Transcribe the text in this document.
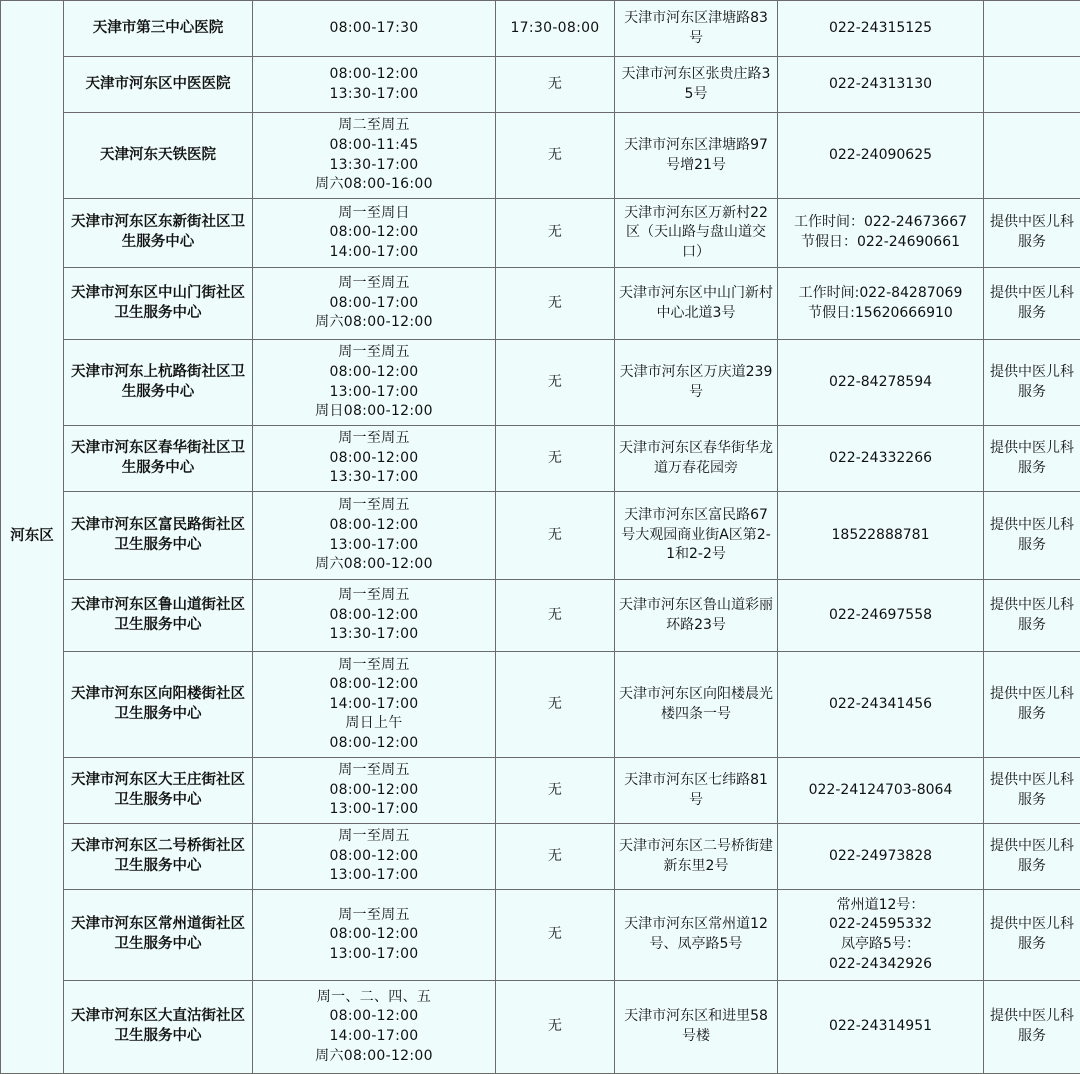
河东区	天津市第三中心医院	08:00-17:30	17:30-08:00	天津市河东区津塘路83号	022-24315125	

	天津市河东区中医医院	08:00-12:00
13:30-17:00	无	天津市河东区张贵庄路35号	022-24313130	

	天津河东天铁医院	周二至周五
08:00-11:45
13:30-17:00
周六08:00-16:00	无	天津市河东区津塘路97号增21号	022-24090625	

	天津市河东区东新街社区卫生服务中心	周一至周日
08:00-12:00
14:00-17:00	无	天津市河东区万新村22区（天山路与盘山道交口）	工作时间：022-24673667
节假日：022-24690661	提供中医儿科服务
	天津市河东区中山门街社区卫生服务中心	周一至周五
08:00-17:00
周六08:00-12:00	无	天津市河东区中山门新村中心北道3号	工作时间:022-84287069
节假日:15620666910	提供中医儿科服务
	天津市河东上杭路街社区卫生服务中心	周一至周五
08:00-12:00
13:00-17:00
周日08:00-12:00	无	天津市河东区万庆道239号	022-84278594	提供中医儿科服务
	天津市河东区春华街社区卫生服务中心	周一至周五
08:00-12:00
13:30-17:00	无	天津市河东区春华街华龙道万春花园旁	022-24332266	提供中医儿科服务
	天津市河东区富民路街社区卫生服务中心	周一至周五
08:00-12:00
13:00-17:00
周六08:00-12:00	无	天津市河东区富民路67号大观园商业街A区第2-1和2-2号	18522888781	提供中医儿科服务
	天津市河东区鲁山道街社区卫生服务中心	周一至周五
08:00-12:00
13:30-17:00	无	天津市河东区鲁山道彩丽环路23号	022-24697558	提供中医儿科服务
	天津市河东区向阳楼街社区卫生服务中心	周一至周五
08:00-12:00
14:00-17:00
周日上午
08:00-12:00	无	天津市河东区向阳楼晨光楼四条一号	022-24341456	提供中医儿科服务
	天津市河东区大王庄街社区卫生服务中心	周一至周五
08:00-12:00
13:00-17:00	无	天津市河东区七纬路81号	022-24124703-8064	提供中医儿科服务
	天津市河东区二号桥街社区卫生服务中心	周一至周五
08:00-12:00
13:00-17:00	无	天津市河东区二号桥街建新东里2号	022-24973828	提供中医儿科服务
	天津市河东区常州道街社区卫生服务中心	周一至周五
08:00-12:00
13:00-17:00	无	天津市河东区常州道12号、凤亭路5号	常州道12号：
022-24595332
凤亭路5号：
022-24342926	提供中医儿科服务
	天津市河东区大直沽街社区卫生服务中心	周一、二、四、五
08:00-12:00
14:00-17:00
周六08:00-12:00	无	天津市河东区和进里58号楼	022-24314951	提供中医儿科服务
